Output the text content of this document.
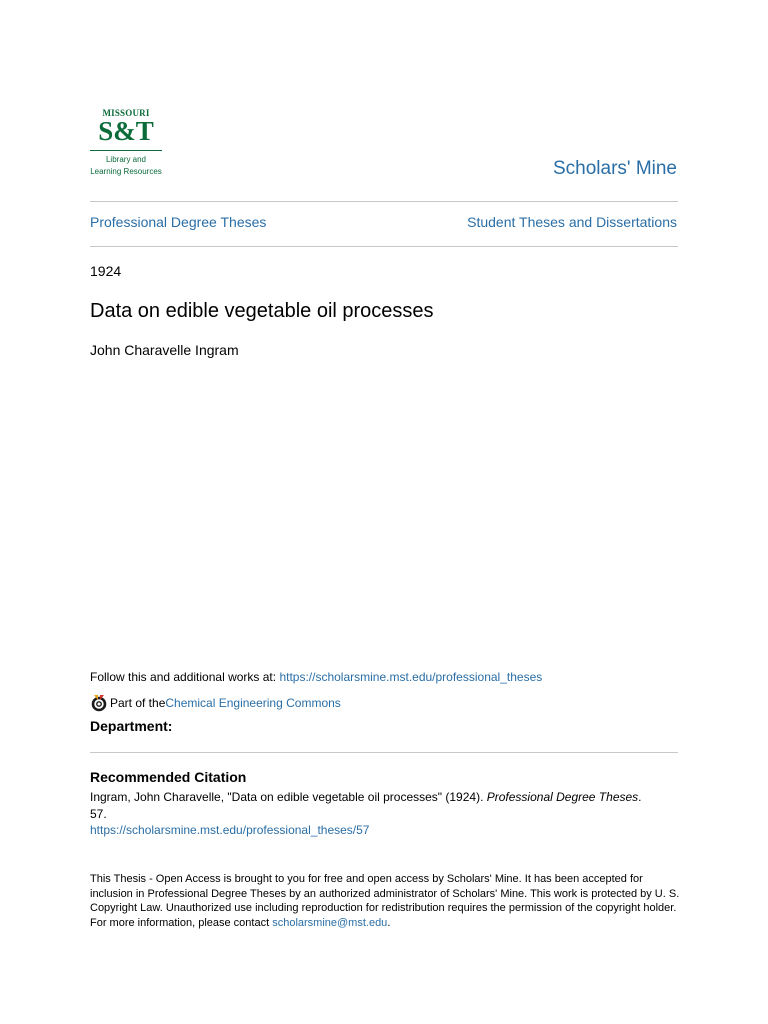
MISSOURI
S&T
Library and
Learning Resources	Scholars' Mine
Professional Degree Theses	Student Theses and Dissertations
1924
Data on edible vegetable oil processes
John Charavelle Ingram
Follow this and additional works at: https://scholarsmine.mst.edu/professional_theses
Part of the Chemical Engineering Commons
Department:
Recommended Citation
Ingram, John Charavelle, "Data on edible vegetable oil processes" (1924). Professional Degree Theses.
57.
https://scholarsmine.mst.edu/professional_theses/57
This Thesis - Open Access is brought to you for free and open access by Scholars' Mine. It has been accepted for inclusion in Professional Degree Theses by an authorized administrator of Scholars' Mine. This work is protected by U. S. Copyright Law. Unauthorized use including reproduction for redistribution requires the permission of the copyright holder. For more information, please contact scholarsmine@mst.edu.
